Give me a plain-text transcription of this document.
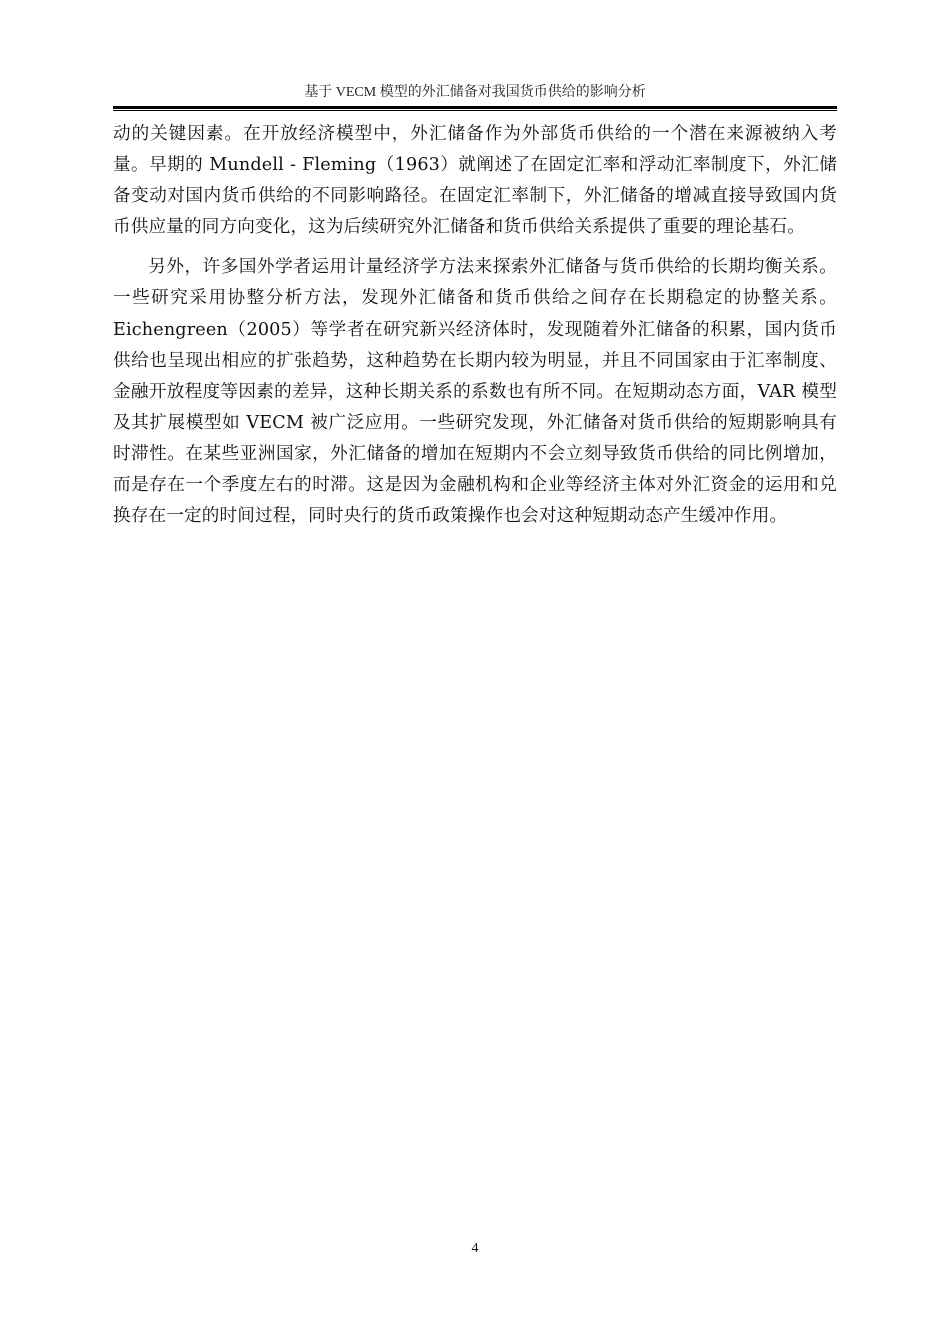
基于 VECM 模型的外汇储备对我国货币供给的影响分析

动的关键因素。在开放经济模型中，外汇储备作为外部货币供给的一个潜在来源被纳入考量。早期的 Mundell - Fleming（1963）就阐述了在固定汇率和浮动汇率制度下，外汇储备变动对国内货币供给的不同影响路径。在固定汇率制下，外汇储备的增减直接导致国内货币供应量的同方向变化，这为后续研究外汇储备和货币供给关系提供了重要的理论基石。

另外，许多国外学者运用计量经济学方法来探索外汇储备与货币供给的长期均衡关系。一些研究采用协整分析方法，发现外汇储备和货币供给之间存在长期稳定的协整关系。Eichengreen（2005）等学者在研究新兴经济体时，发现随着外汇储备的积累，国内货币供给也呈现出相应的扩张趋势，这种趋势在长期内较为明显，并且不同国家由于汇率制度、金融开放程度等因素的差异，这种长期关系的系数也有所不同。在短期动态方面，VAR 模型及其扩展模型如 VECM 被广泛应用。一些研究发现，外汇储备对货币供给的短期影响具有时滞性。在某些亚洲国家，外汇储备的增加在短期内不会立刻导致货币供给的同比例增加，而是存在一个季度左右的时滞。这是因为金融机构和企业等经济主体对外汇资金的运用和兑换存在一定的时间过程，同时央行的货币政策操作也会对这种短期动态产生缓冲作用。

4
